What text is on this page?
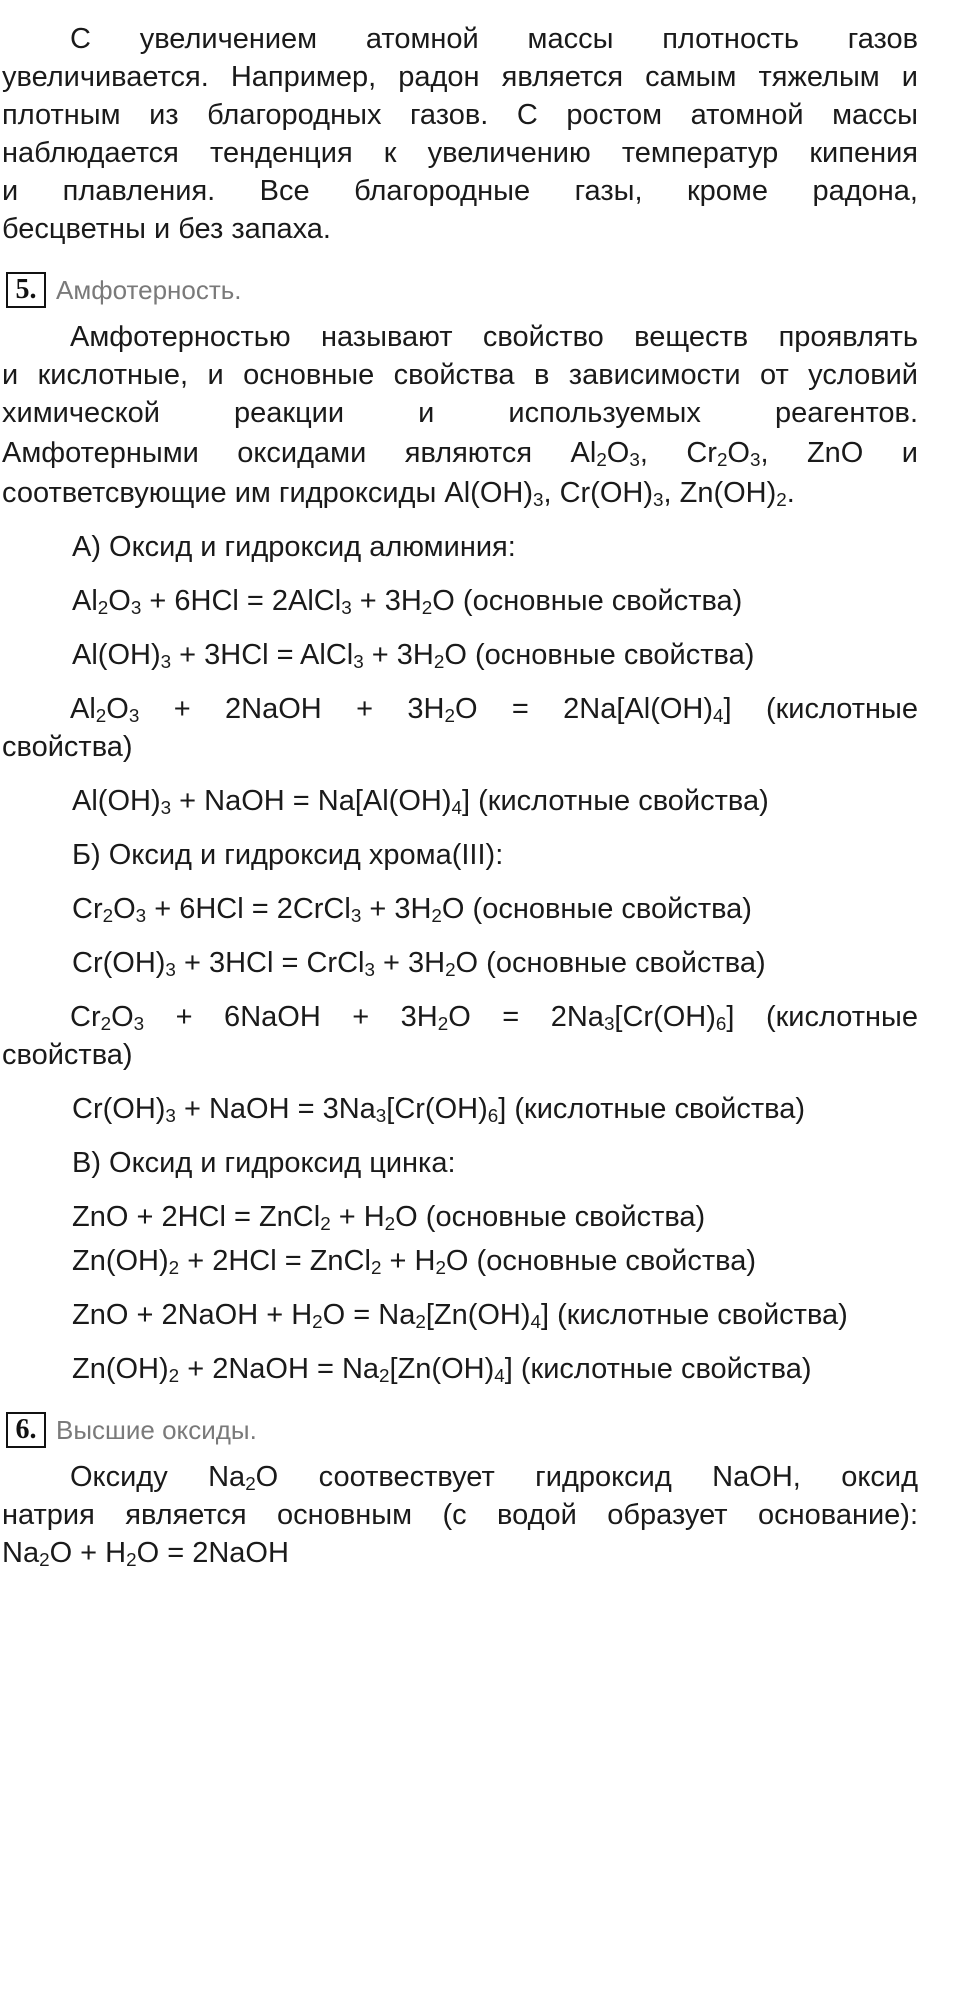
С увеличением атомной массы плотность газов

увеличивается. Например, радон является самым тяжелым и

плотным из благородных газов. С ростом атомной массы

наблюдается тенденция к увеличению температур кипения

и плавления. Все благородные газы, кроме радона,

бесцветны и без запаха.

5. Амфотерность.

Амфотерностью называют свойство веществ проявлять

и кислотные, и основные свойства в зависимости от условий

химической реакции и используемых реагентов.

Амфотерными оксидами являются $Al_2O_3$, $Cr_2O_3$, ZnO и

соответсвующие им гидроксиды $Al(OH)_3$, $Cr(OH)_3$, $Zn(OH)_2$.

А) Оксид и гидроксид алюминия:

$Al_2O_3 + 6HCl$ = 2AlCl$_3$ + $3H_2O$ (основные свойства)

$Al(OH)_3 + 3HCl$ = AlCl$_3$ + $3H_2O$ (основные свойства)

$Al_2O_3$ + 2NaOH + $3H_2O = 2Na[Al(OH)_4]$ (кислотные

свойства)

$Al(OH)_3$ + NaOH = $Na[Al(OH)_4]$ (кислотные свойства)

Б) Оксид и гидроксид хрома(III):

$Cr_2O_3 + 6HCl$ = 2CrCl$_3$ + $3H_2O$ (основные свойства)

$Cr(OH)_3 + 3HCl$ = CrCl$_3$ + $3H_2O$ (основные свойства)

$Cr_2O_3$ + 6NaOH + $3H_2O = 2Na_3[Cr(OH)_6]$ (кислотные

свойства)

$Cr(OH)_3$ + NaOH = $3Na_3[Cr(OH)_6]$ (кислотные свойства)

В) Оксид и гидроксид цинка:

ZnO + 2HCl = ZnCl$_2$ + $H_2O$ (основные свойства)

$Zn(OH)_2 + 2HCl$ = ZnCl$_2$ + $H_2O$ (основные свойства)

ZnO + 2NaOH + $H_2O = Na_2[Zn(OH)_4]$ (кислотные свойства)

$Zn(OH)_2$ + 2NaOH = $Na_2[Zn(OH)_4]$ (кислотные свойства)

6. Высшие оксиды.

Оксиду $Na_2O$ соотвествует гидроксид NaOH, оксид

натрия является основным (с водой образует основание):

$Na_2O + H_2O$ = 2NaOH
